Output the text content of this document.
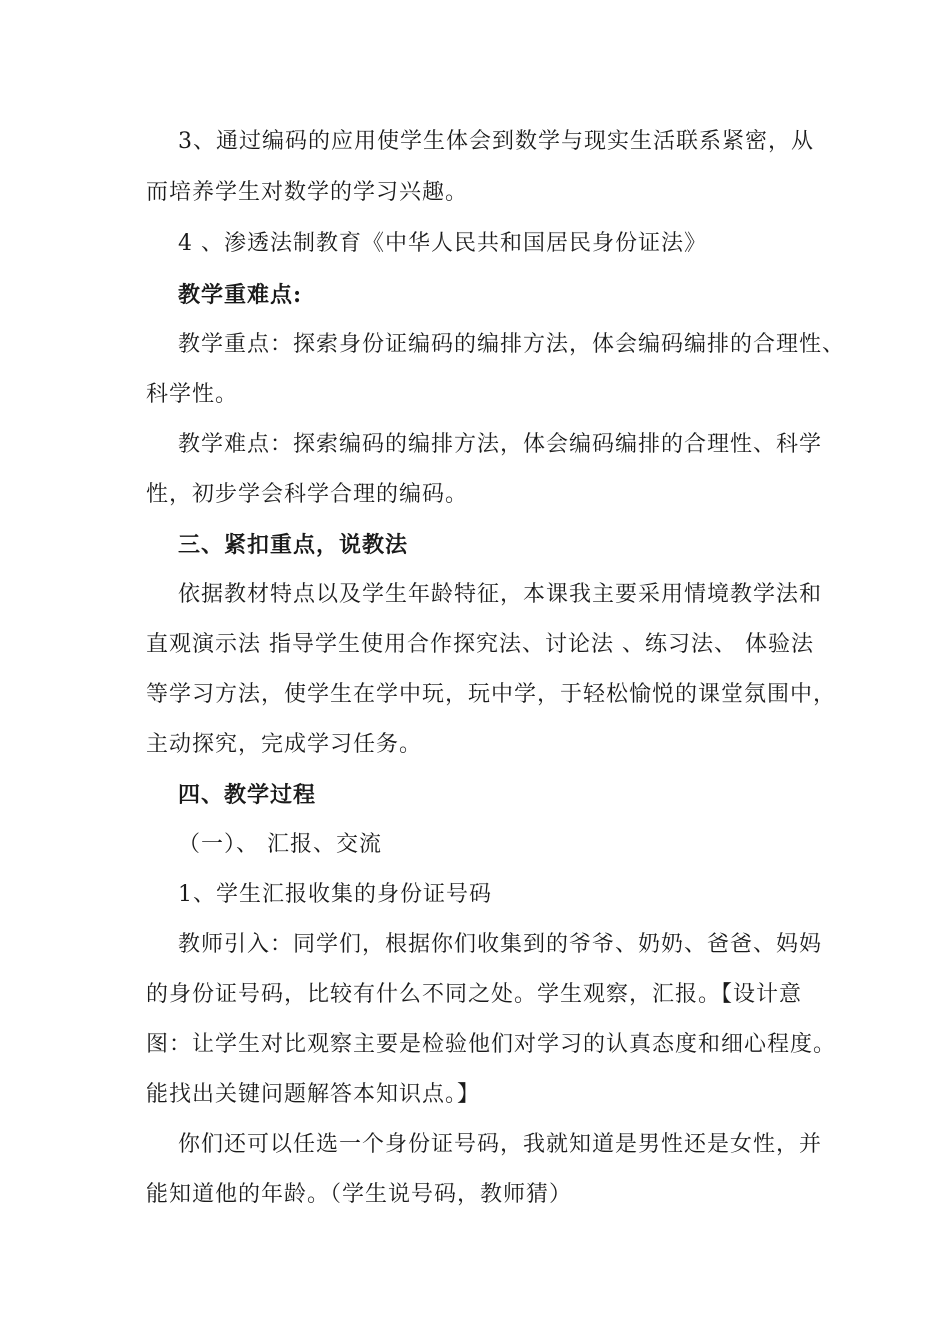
3、通过编码的应用使学生体会到数学与现实生活联系紧密，从
而培养学生对数学的学习兴趣。
4 、渗透法制教育《中华人民共和国居民身份证法》
教学重难点:
教学重点：探索身份证编码的编排方法，体会编码编排的合理性、
科学性。
教学难点：探索编码的编排方法，体会编码编排的合理性、科学
性，初步学会科学合理的编码。
三、紧扣重点，说教法
依据教材特点以及学生年龄特征，本课我主要采用情境教学法和
直观演示法 指导学生使用合作探究法、讨论法 、练习法、 体验法
等学习方法，使学生在学中玩，玩中学，于轻松愉悦的课堂氛围中，
主动探究，完成学习任务。
四、教学过程
（一）、 汇报、交流
1、学生汇报收集的身份证号码
教师引入：同学们，根据你们收集到的爷爷、奶奶、爸爸、妈妈
的身份证号码，比较有什么不同之处。学生观察，汇报。【设计意
图：让学生对比观察主要是检验他们对学习的认真态度和细心程度。
能找出关键问题解答本知识点。】
你们还可以任选一个身份证号码，我就知道是男性还是女性，并
能知道他的年龄。（学生说号码，教师猜）
